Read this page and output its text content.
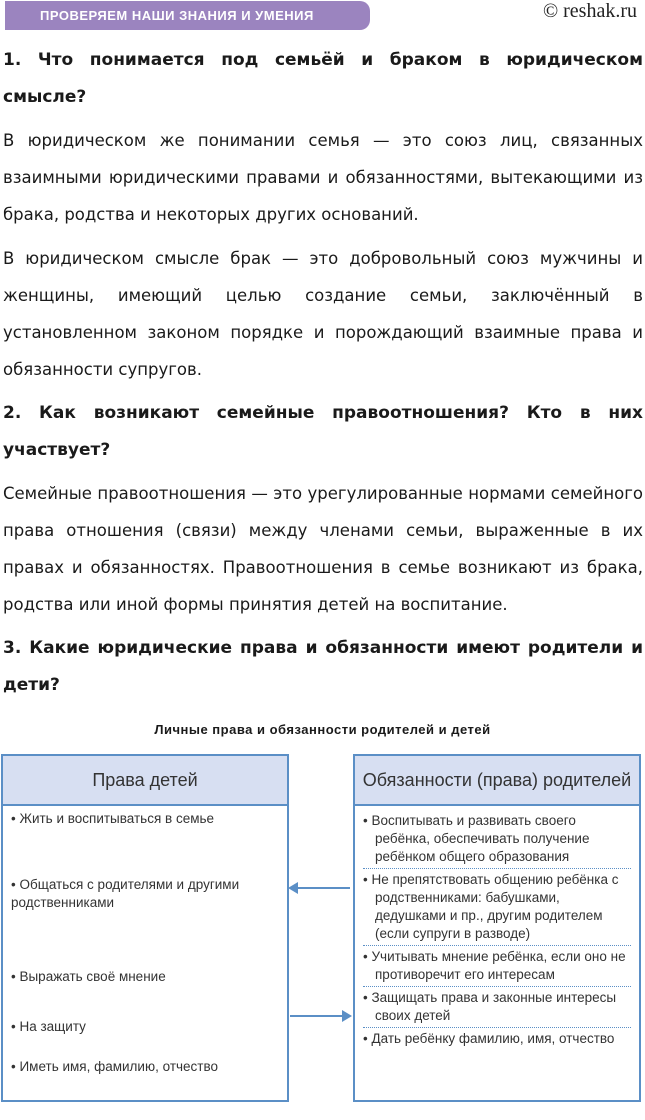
ПРОВЕРЯЕМ НАШИ ЗНАНИЯ И УМЕНИЯ	© reshak.ru
1. Что понимается под семьёй и браком в юридическом смысле?

В юридическом же понимании семья — это союз лиц, связанных взаимными юридическими правами и обязанностями, вытекающими из брака, родства и некоторых других оснований.

В юридическом смысле брак — это добровольный союз мужчины и женщины, имеющий целью создание семьи, заключённый в установленном законом порядке и порождающий взаимные права и обязанности супругов.

2. Как возникают семейные правоотношения? Кто в них участвует?

Семейные правоотношения — это урегулированные нормами семейного права отношения (связи) между членами семьи, выраженные в их правах и обязанностях. Правоотношения в семье возникают из брака, родства или иной формы принятия детей на воспитание.

3. Какие юридические права и обязанности имеют родители и дети?
Личные права и обязанности родителей и детей
Права детей
• Жить и воспитываться в семье
• Общаться с родителями и другими родственниками
• Выражать своё мнение
• На защиту
• Иметь имя, фамилию, отчество
Обязанности (права) родителей
• Воспитывать и развивать своего ребёнка, обеспечивать получение ребёнком общего образования
• Не препятствовать общению ребёнка с родственниками: бабушками, дедушками и пр., другим родителем (если супруги в разводе)
• Учитывать мнение ребёнка, если оно не противоречит его интересам
• Защищать права и законные интересы своих детей
• Дать ребёнку фамилию, имя, отчество
